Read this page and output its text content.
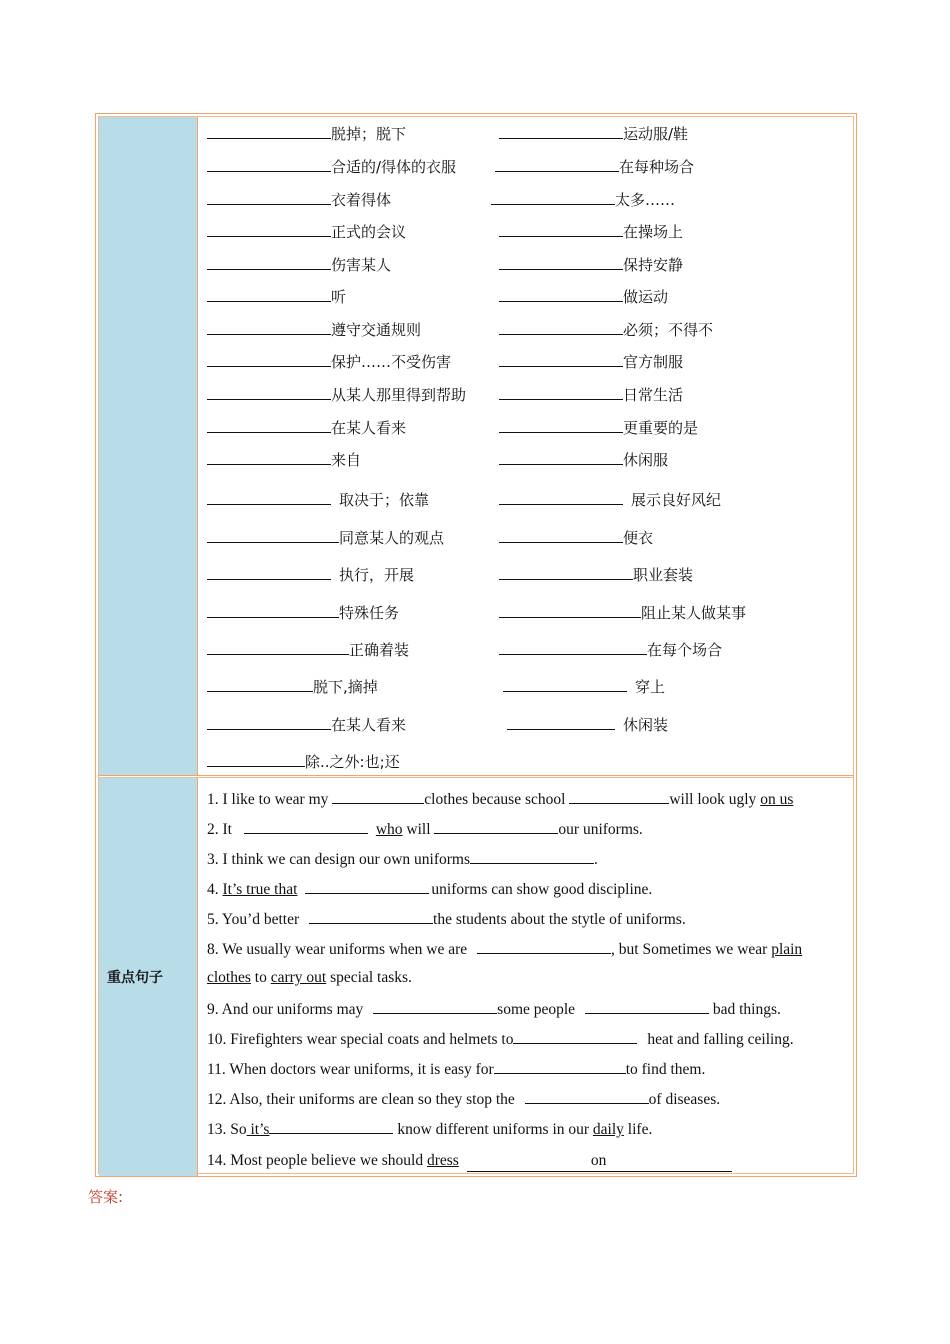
重点句子
脱掉；脱下	运动服/鞋
合适的/得体的衣服	在每种场合
衣着得体	太多……
正式的会议	在操场上
伤害某人	保持安静
听	做运动
遵守交通规则	必须；不得不
保护……不受伤害	官方制服
从某人那里得到帮助	日常生活
在某人看来	更重要的是
来自	休闲服
取决于；依靠	展示良好风纪
同意某人的观点	便衣
执行，开展	职业套装
特殊任务	阻止某人做某事
正确着装	在每个场合
脱下,摘掉	穿上
在某人看来	休闲装
除..之外:也;还
1. I like to wear my	clothes because school	will look ugly on us
2. It	who will	our uniforms.
3. I think we can design our own uniforms	.
4. It’s true that	uniforms can show good discipline.
5. You’d better	the students about the stytle of uniforms.
8. We usually wear uniforms when we are	, but Sometimes we wear plain
clothes to carry out special tasks.
9. And our uniforms may	some people	bad things.
10. Firefighters wear special coats and helmets to	heat and falling ceiling.
11. When doctors wear uniforms, it is easy for	to find them.
12. Also, their uniforms are clean so they stop the	of diseases.
13. So it’s	know different uniforms in our daily life.
14. Most people believe we should dress	on
答案:
